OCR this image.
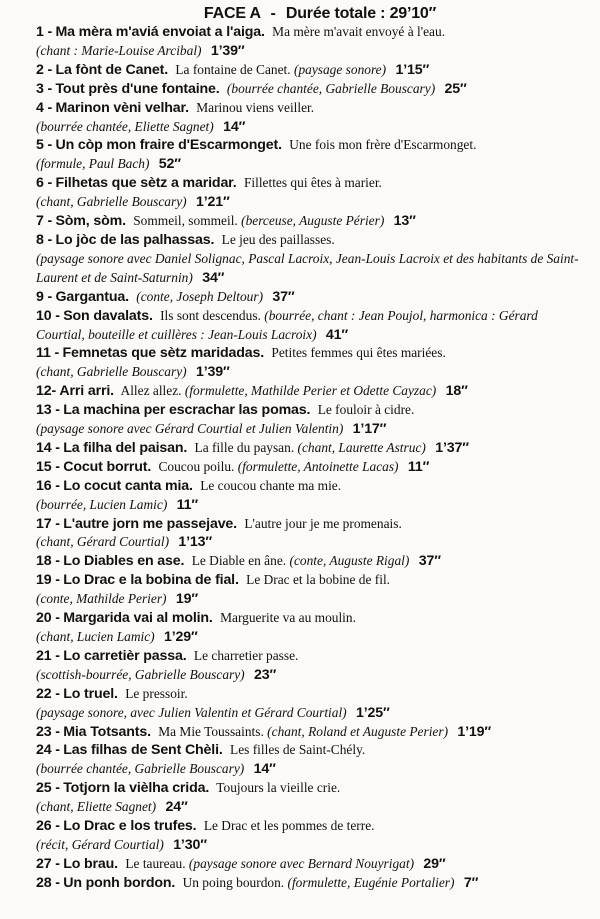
FACE A - Durée totale : 29’10″
1 - Ma mèra m'aviá envoiat a l'aiga. Ma mère m'avait envoyé à l'eau.
(chant : Marie-Louise Arcibal) 1’39″
2 - La fònt de Canet. La fontaine de Canet. (paysage sonore) 1’15″
3 - Tout près d'une fontaine. (bourrée chantée, Gabrielle Bouscary) 25″
4 - Marinon vèni velhar. Marinou viens veiller.
(bourrée chantée, Eliette Sagnet) 14″
5 - Un còp mon fraire d'Escarmonget. Une fois mon frère d'Escarmonget.
(formule, Paul Bach) 52″
6 - Filhetas que sètz a maridar. Fillettes qui êtes à marier.
(chant, Gabrielle Bouscary) 1’21″
7 - Sòm, sòm. Sommeil, sommeil. (berceuse, Auguste Périer) 13″
8 - Lo jòc de las palhassas. Le jeu des paillasses.
(paysage sonore avec Daniel Solignac, Pascal Lacroix, Jean-Louis Lacroix et des habitants de Saint-Laurent et de Saint-Saturnin) 34″
9 - Gargantua. (conte, Joseph Deltour) 37″
10 - Son davalats. Ils sont descendus. (bourrée, chant : Jean Poujol, harmonica : Gérard Courtial, bouteille et cuillères : Jean-Louis Lacroix) 41″
11 - Femnetas que sètz maridadas. Petites femmes qui êtes mariées.
(chant, Gabrielle Bouscary) 1’39″
12- Arri arri. Allez allez. (formulette, Mathilde Perier et Odette Cayzac) 18″
13 - La machina per escrachar las pomas. Le fouloir à cidre.
(paysage sonore avec Gérard Courtial et Julien Valentin) 1’17″
14 - La filha del paisan. La fille du paysan. (chant, Laurette Astruc) 1’37″
15 - Cocut borrut. Coucou poilu. (formulette, Antoinette Lacas) 11″
16 - Lo cocut canta mia. Le coucou chante ma mie.
(bourrée, Lucien Lamic) 11″
17 - L'autre jorn me passejave. L'autre jour je me promenais.
(chant, Gérard Courtial) 1’13″
18 - Lo Diables en ase. Le Diable en âne. (conte, Auguste Rigal) 37″
19 - Lo Drac e la bobina de fial. Le Drac et la bobine de fil.
(conte, Mathilde Perier) 19″
20 - Margarida vai al molin. Marguerite va au moulin.
(chant, Lucien Lamic) 1’29″
21 - Lo carretièr passa. Le charretier passe.
(scottish-bourrée, Gabrielle Bouscary) 23″
22 - Lo truel. Le pressoir.
(paysage sonore, avec Julien Valentin et Gérard Courtial) 1’25″
23 - Mia Totsants. Ma Mie Toussaints. (chant, Roland et Auguste Perier) 1’19″
24 - Las filhas de Sent Chèli. Les filles de Saint-Chély.
(bourrée chantée, Gabrielle Bouscary) 14″
25 - Totjorn la vièlha crida. Toujours la vieille crie.
(chant, Eliette Sagnet) 24″
26 - Lo Drac e los trufes. Le Drac et les pommes de terre.
(récit, Gérard Courtial) 1’30″
27 - Lo brau. Le taureau. (paysage sonore avec Bernard Nouyrigat) 29″
28 - Un ponh bordon. Un poing bourdon. (formulette, Eugénie Portalier) 7″
